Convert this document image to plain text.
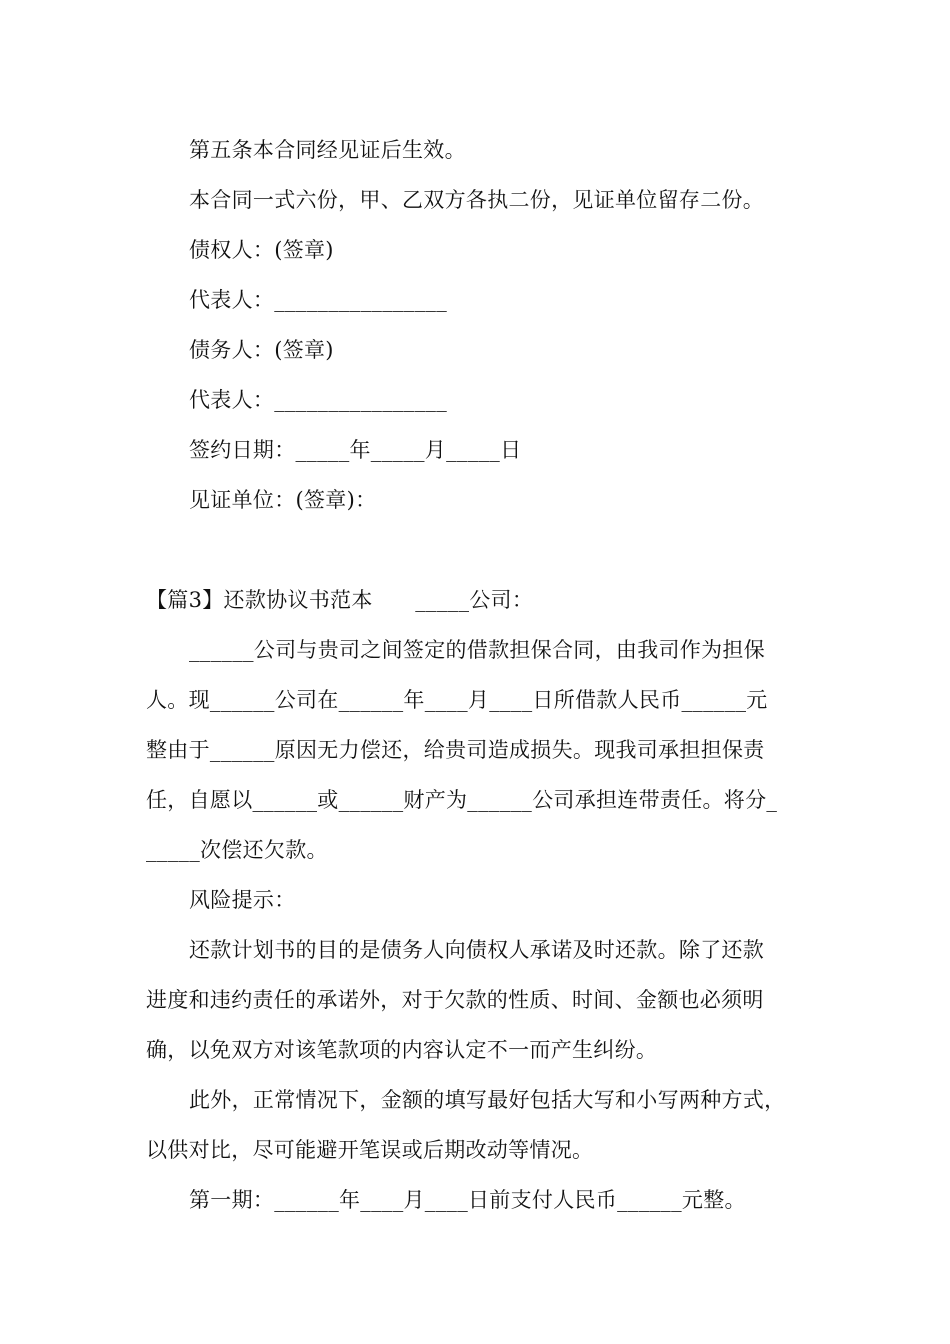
第五条本合同经见证后生效。
本合同一式六份，甲、乙双方各执二份，见证单位留存二份。
债权人：(签章)
代表人：________________
债务人：(签章)
代表人：________________
签约日期：_____年_____月_____日
见证单位：(签章)：
【篇3】还款协议书范本　　_____公司：
______公司与贵司之间签定的借款担保合同，由我司作为担保
人。现______公司在______年____月____日所借款人民币______元
整由于______原因无力偿还，给贵司造成损失。现我司承担担保责
任，自愿以______或______财产为______公司承担连带责任。将分_
_____次偿还欠款。
风险提示：
还款计划书的目的是债务人向债权人承诺及时还款。除了还款
进度和违约责任的承诺外，对于欠款的性质、时间、金额也必须明
确，以免双方对该笔款项的内容认定不一而产生纠纷。
此外，正常情况下，金额的填写最好包括大写和小写两种方式，
以供对比，尽可能避开笔误或后期改动等情况。
第一期：______年____月____日前支付人民币______元整。
